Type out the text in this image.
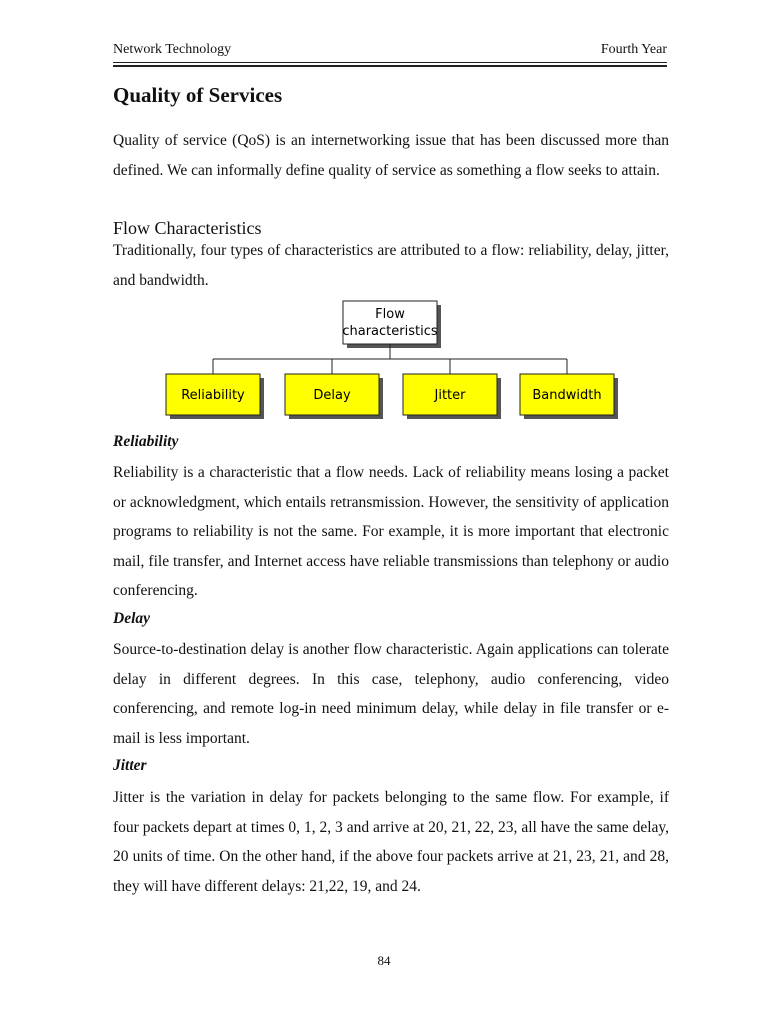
Network Technology	Fourth Year
Quality of Services

Quality of service (QoS) is an internetworking issue that has been discussed more than defined. We can informally define quality of service as something a flow seeks to attain.

Flow Characteristics

Traditionally, four types of characteristics are attributed to a flow: reliability, delay, jitter, and bandwidth.

Flow
characteristics
Reliability	Delay	Jitter	Bandwidth
Reliability

Reliability is a characteristic that a flow needs. Lack of reliability means losing a packet or acknowledgment, which entails retransmission. However, the sensitivity of application programs to reliability is not the same. For example, it is more important that electronic mail, file transfer, and Internet access have reliable transmissions than telephony or audio conferencing.

Delay

Source-to-destination delay is another flow characteristic. Again applications can tolerate delay in different degrees. In this case, telephony, audio conferencing, video conferencing, and remote log-in need minimum delay, while delay in file transfer or e-mail is less important.

Jitter

Jitter is the variation in delay for packets belonging to the same flow. For example, if four packets depart at times 0, 1, 2, 3 and arrive at 20, 21, 22, 23, all have the same delay, 20 units of time. On the other hand, if the above four packets arrive at 21, 23, 21, and 28, they will have different delays: 21,22, 19, and 24.

84
